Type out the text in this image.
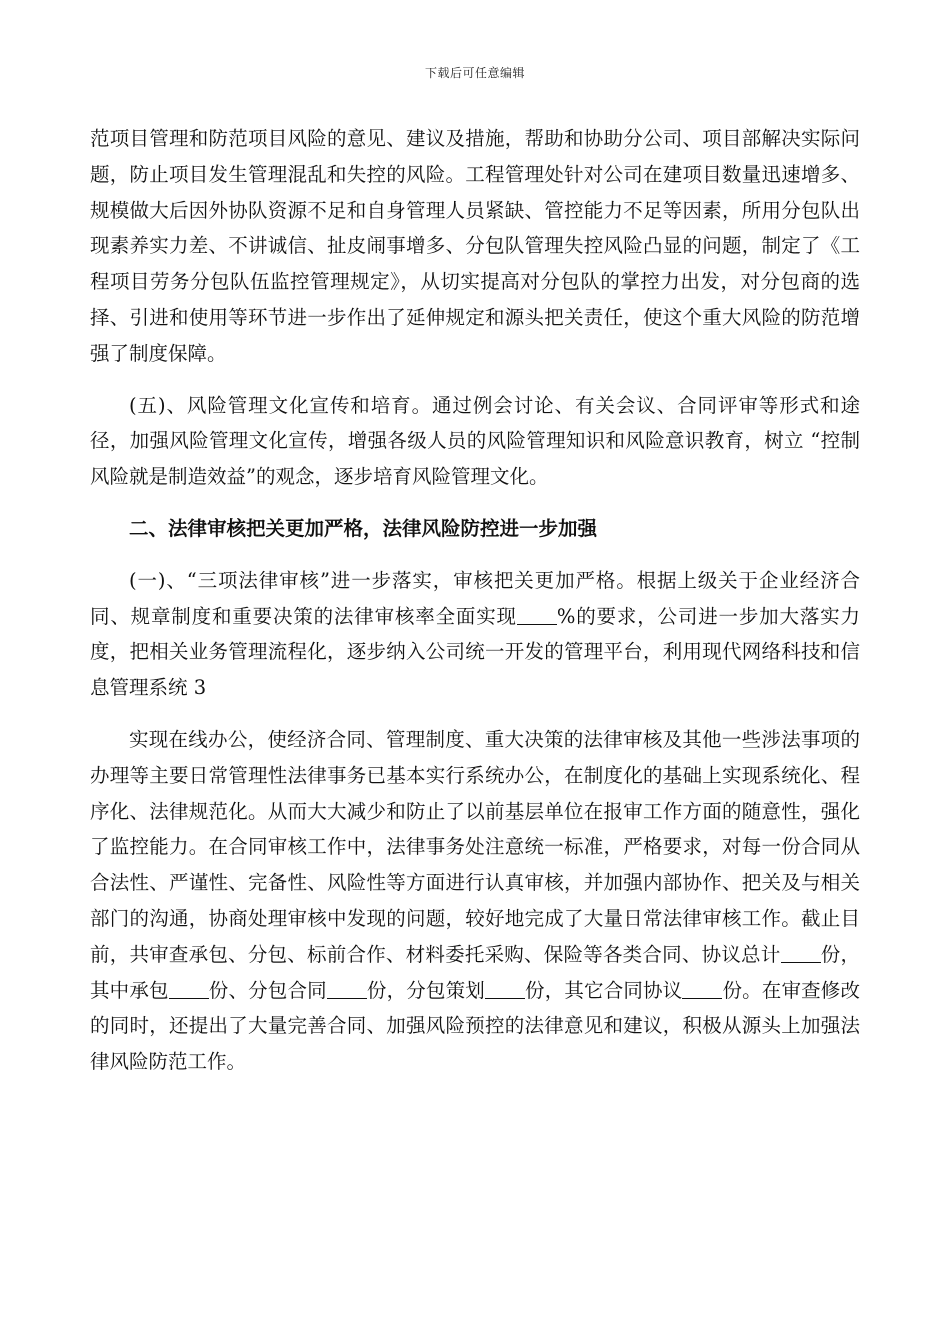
下载后可任意编辑

范项目管理和防范项目风险的意见、建议及措施，帮助和协助分公司、项目部解决实际问题，防止项目发生管理混乱和失控的风险。工程管理处针对公司在建项目数量迅速增多、规模做大后因外协队资源不足和自身管理人员紧缺、管控能力不足等因素，所用分包队出现素养实力差、不讲诚信、扯皮闹事增多、分包队管理失控风险凸显的问题，制定了《工程项目劳务分包队伍监控管理规定》，从切实提高对分包队的掌控力出发，对分包商的选择、引进和使用等环节进一步作出了延伸规定和源头把关责任，使这个重大风险的防范增强了制度保障。

(五)、风险管理文化宣传和培育。通过例会讨论、有关会议、合同评审等形式和途径，加强风险管理文化宣传，增强各级人员的风险管理知识和风险意识教育，树立 “控制风险就是制造效益”的观念，逐步培育风险管理文化。

二、法律审核把关更加严格，法律风险防控进一步加强

(一)、“三项法律审核”进一步落实，审核把关更加严格。根据上级关于企业经济合同、规章制度和重要决策的法律审核率全面实现 %的要求，公司进一步加大落实力度，把相关业务管理流程化，逐步纳入公司统一开发的管理平台，利用现代网络科技和信息管理系统 3

实现在线办公，使经济合同、管理制度、重大决策的法律审核及其他一些涉法事项的办理等主要日常管理性法律事务已基本实行系统办公，在制度化的基础上实现系统化、程序化、法律规范化。从而大大减少和防止了以前基层单位在报审工作方面的随意性，强化了监控能力。在合同审核工作中，法律事务处注意统一标准，严格要求，对每一份合同从合法性、严谨性、完备性、风险性等方面进行认真审核，并加强内部协作、把关及与相关部门的沟通，协商处理审核中发现的问题，较好地完成了大量日常法律审核工作。截止目前，共审查承包、分包、标前合作、材料委托采购、保险等各类合同、协议总计 份，其中承包 份、分包合同 份，分包策划 份，其它合同协议 份。在审查修改的同时，还提出了大量完善合同、加强风险预控的法律意见和建议，积极从源头上加强法律风险防范工作。
